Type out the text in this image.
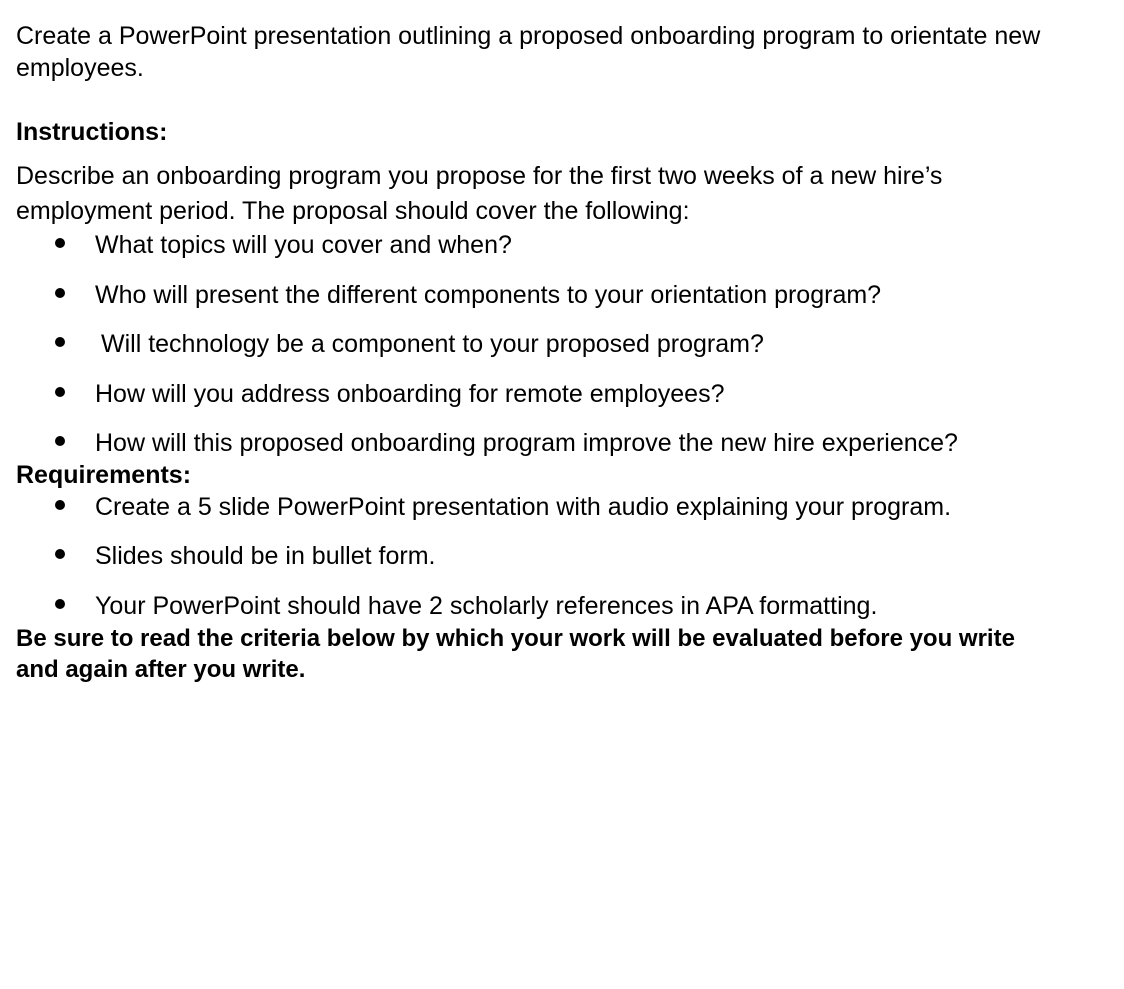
Create a PowerPoint presentation outlining a proposed onboarding program to orientate new employees.

Instructions:

Describe an onboarding program you propose for the first two weeks of a new hire’s employment period. The proposal should cover the following:

What topics will you cover and when?
Who will present the different components to your orientation program?
Will technology be a component to your proposed program?
How will you address onboarding for remote employees?
How will this proposed onboarding program improve the new hire experience?
Requirements:
Create a 5 slide PowerPoint presentation with audio explaining your program.
Slides should be in bullet form.
Your PowerPoint should have 2 scholarly references in APA formatting.

Be sure to read the criteria below by which your work will be evaluated before you write and again after you write.
